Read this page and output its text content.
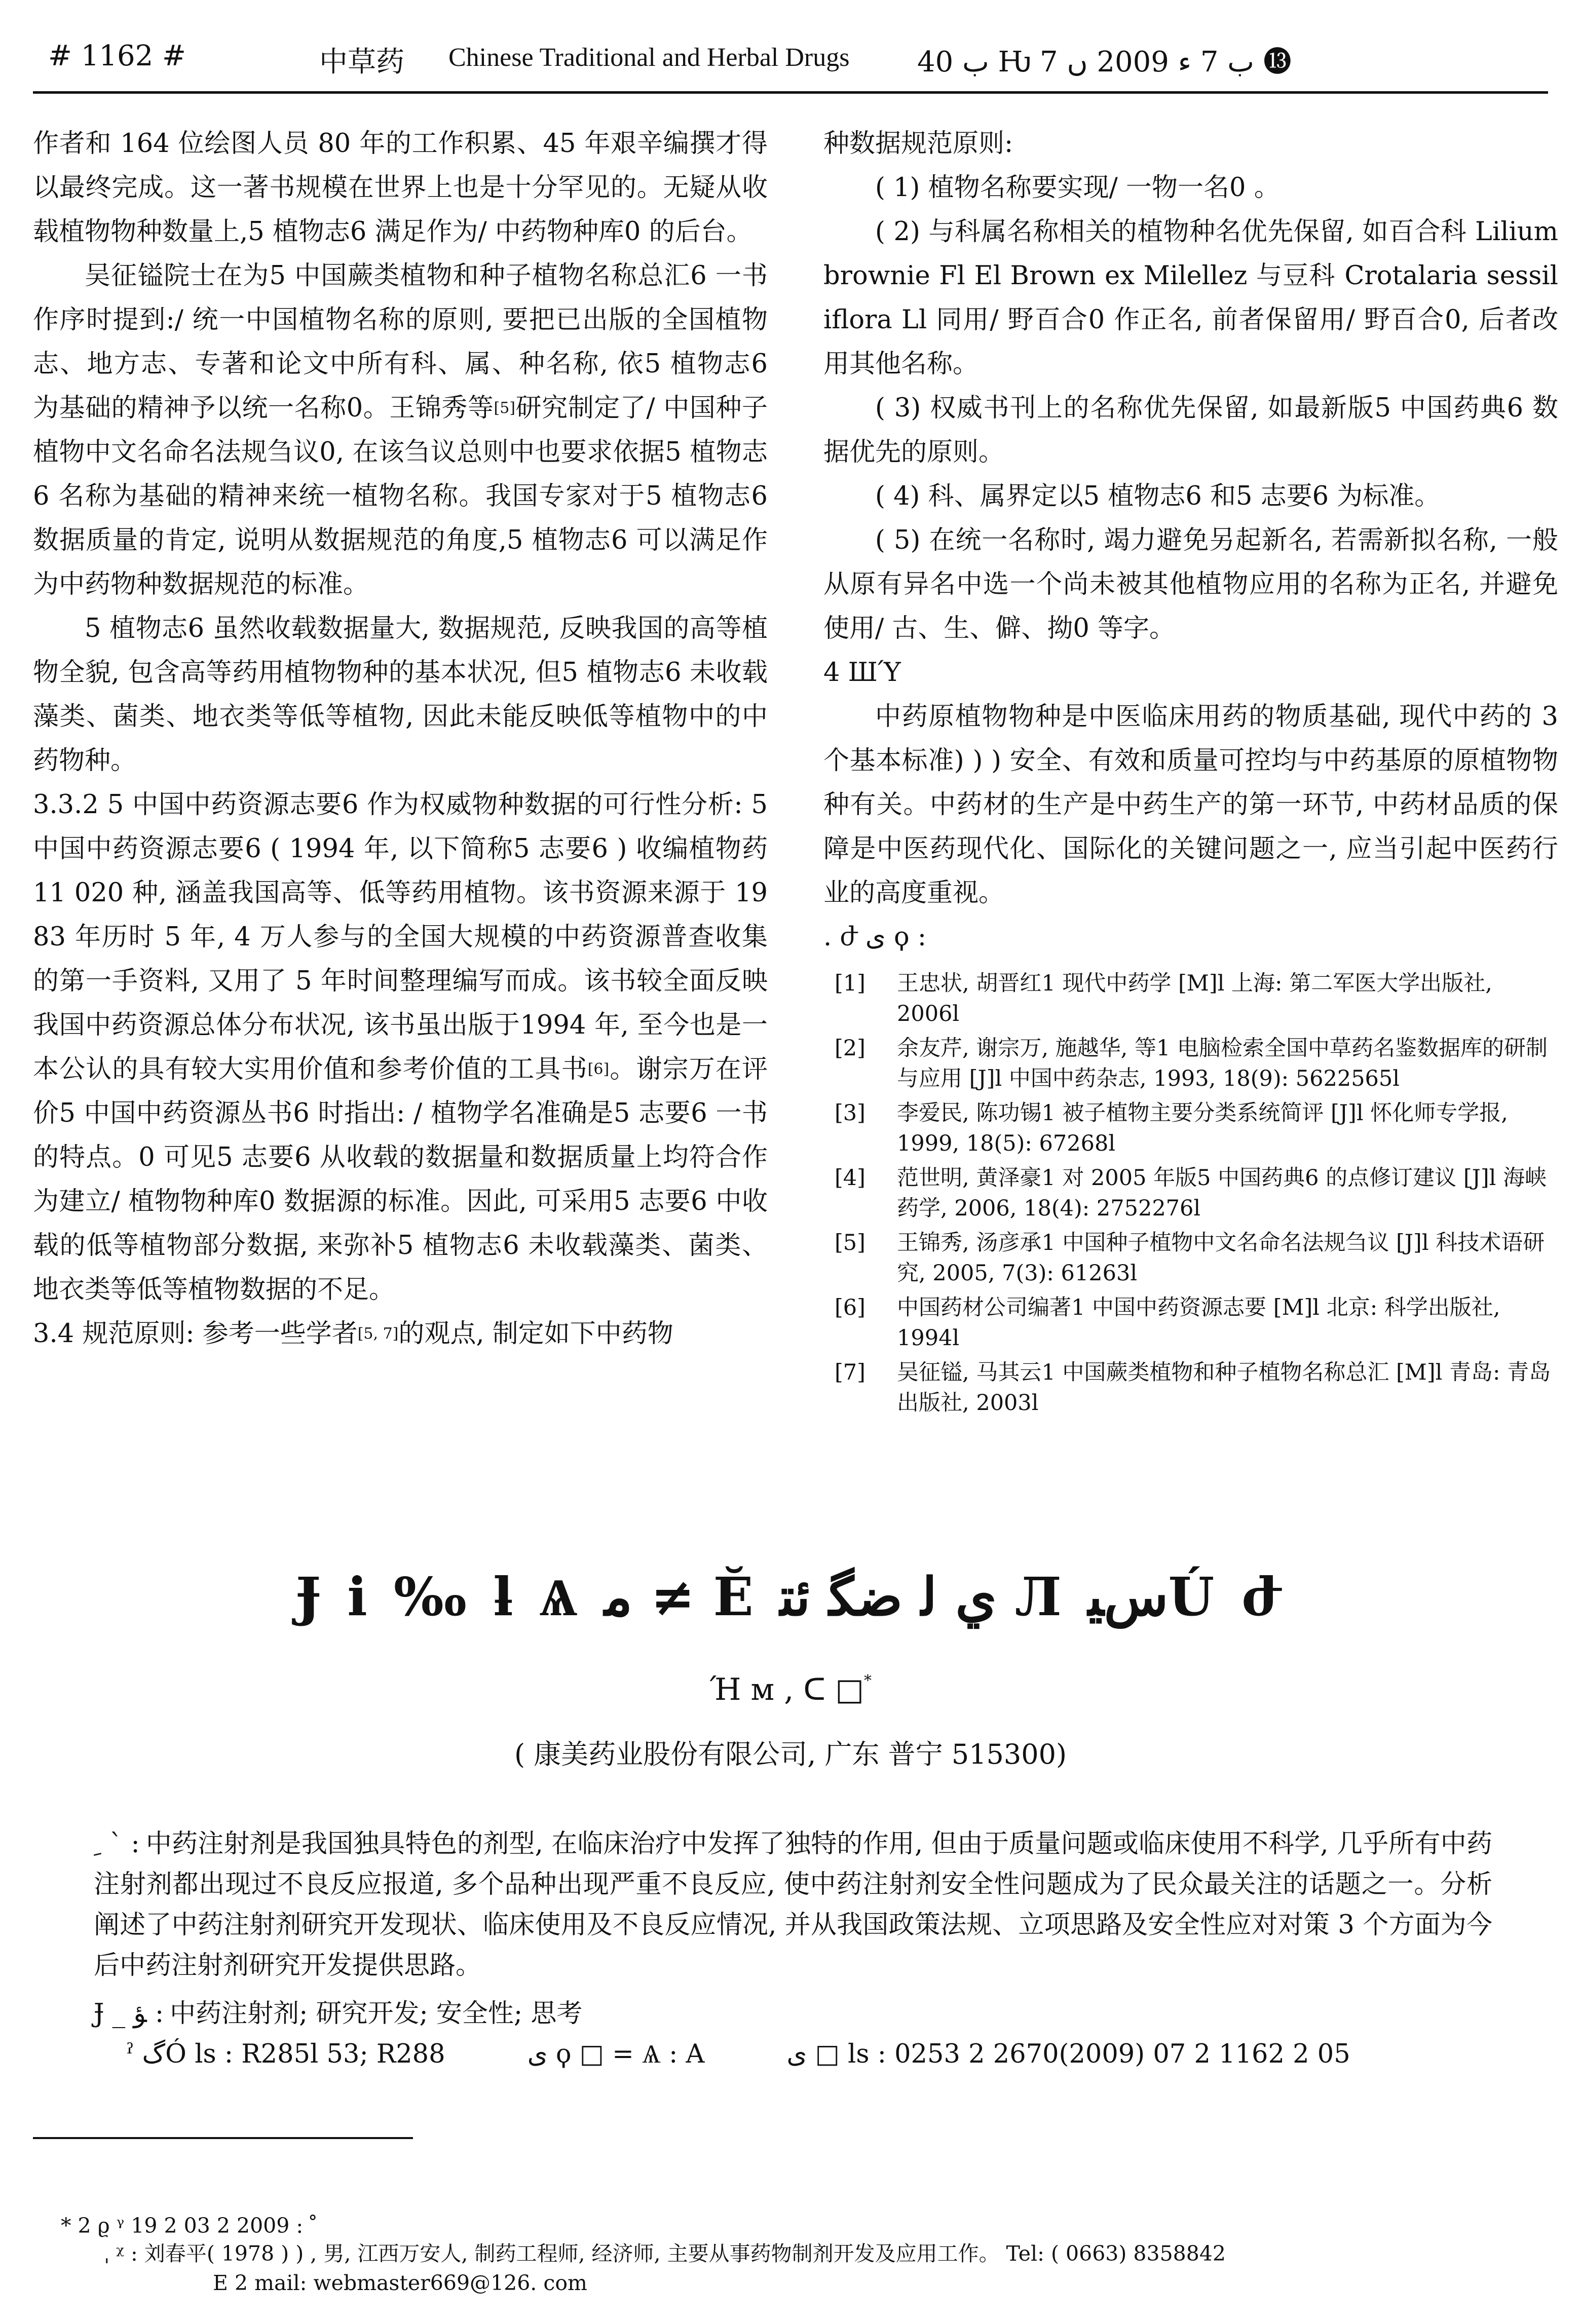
# 1162 #	中草药 Chinese Traditional and Herbal Drugs ب 40 Ƕ ب 7 ﺀ 2009 ں 7 ⓭

作者和 164 位绘图人员 80 年的工作积累、45 年艰辛编撰才得以最终完成。这一著书规模在世界上也是十分罕见的。无疑从收载植物物种数量上,5 植物志6 满足作为/ 中药物种库0 的后台。

吴征镒院士在为5 中国蕨类植物和种子植物名称总汇6 一书作序时提到:/ 统一中国植物名称的原则, 要把已出版的全国植物志、地方志、专著和论文中所有科、属、种名称, 依5 植物志6 为基础的精神予以统一名称0。王锦秀等[5]研究制定了/ 中国种子植物中文名命名法规刍议0, 在该刍议总则中也要求依据5 植物志6 名称为基础的精神来统一植物名称。我国专家对于5 植物志6 数据质量的肯定, 说明从数据规范的角度,5 植物志6 可以满足作为中药物种数据规范的标准。

5 植物志6 虽然收载数据量大, 数据规范, 反映我国的高等植物全貌, 包含高等药用植物物种的基本状况, 但5 植物志6 未收载藻类、菌类、地衣类等低等植物, 因此未能反映低等植物中的中药物种。

3.3.2 5 中国中药资源志要6 作为权威物种数据的可行性分析: 5 中国中药资源志要6 ( 1994 年, 以下简称5 志要6 ) 收编植物药 11 020 种, 涵盖我国高等、低等药用植物。该书资源来源于 1983 年历时 5 年, 4 万人参与的全国大规模的中药资源普查收集的第一手资料, 又用了 5 年时间整理编写而成。该书较全面反映我国中药资源总体分布状况, 该书虽出版于1994 年, 至今也是一本公认的具有较大实用价值和参考价值的工具书[6]。谢宗万在评价5 中国中药资源丛书6 时指出: / 植物学名准确是5 志要6 一书的特点。0 可见5 志要6 从收载的数据量和数据质量上均符合作为建立/ 植物物种库0 数据源的标准。因此, 可采用5 志要6 中收载的低等植物部分数据, 来弥补5 植物志6 未收载藻类、菌类、地衣类等低等植物数据的不足。

3.4 规范原则: 参考一些学者[5, 7]的观点, 制定如下中药物

种数据规范原则:

( 1) 植物名称要实现/ 一物一名0 。

( 2) 与科属名称相关的植物种名优先保留, 如百合科 Lilium brownie Fl El Brown ex Milellez 与豆科 Crotalaria sessiliflora Ll 同用/ 野百合0 作正名, 前者保留用/ 野百合0, 后者改用其他名称。

( 3) 权威书刊上的名称优先保留, 如最新版5 中国药典6 数据优先的原则。

( 4) 科、属界定以5 植物志6 和5 志要6 为标准。

( 5) 在统一名称时, 竭力避免另起新名, 若需新拟名称, 一般从原有异名中选一个尚未被其他植物应用的名称为正名, 并避免使用/ 古、生、僻、拗0 等字。

4 ШΎ

中药原植物物种是中医临床用药的物质基础, 现代中药的 3 个基本标准) ) ) 安全、有效和质量可控均与中药基原的原植物物种有关。中药材的生产是中药生产的第一环节, 中药材品质的保障是中医药现代化、国际化的关键问题之一, 应当引起中医药行业的高度重视。

. ժ ى ϙ :

[1] 王忠状, 胡晋红1 现代中药学 [M]l 上海: 第二军医大学出版社, 2006l
[2] 余友芹, 谢宗万, 施越华, 等1 电脑检索全国中草药名鉴数据库的研制与应用 [J]l 中国中药杂志, 1993, 18(9): 5622565l
[3] 李爱民, 陈功锡1 被子植物主要分类系统简评 [J]l 怀化师专学报, 1999, 18(5): 67268l
[4] 范世明, 黄泽豪1 对 2005 年版5 中国药典6 的点修订建议 [J]l 海峡药学, 2006, 18(4): 2752276l
[5] 王锦秀, 汤彦承1 中国种子植物中文名命名法规刍议 [J]l 科技术语研究, 2005, 7(3): 61263l
[6] 中国药材公司编著1 中国中药资源志要 [M]l 北京: 科学出版社, 1994l
[7] 吴征镒, 马其云1 中国蕨类植物和种子植物名称总汇 [M]l 青岛: 青岛出版社, 2003l
Ɉ ⅰ ‰ ƚ Ѧ ﻣ ≠ Ӗ ي ﻟ ﺿﮕ ﺋﺘ Л ﺱﯿÚ ժ
Ή ᴍ , ᑕ □*
( 康美药业股份有限公司, 广东 普宁 515300)
ﹺ ˋ : 中药注射剂是我国独具特色的剂型, 在临床治疗中发挥了独特的作用, 但由于质量问题或临床使用不科学, 几乎所有中药注射剂都出现过不良反应报道, 多个品种出现严重不良反应, 使中药注射剂安全性问题成为了民众最关注的话题之一。分析阐述了中药注射剂研究开发现状、临床使用及不良反应情况, 并从我国政策法规、立项思路及安全性应对对策 3 个方面为今后中药注射剂研究开发提供思路。
Ɉ _ ﺆ : 中药注射剂; 研究开发; 安全性; 思考
ˀ گÓ ls : R285l 53; R288          ى ϙ □ = Ѧ : A          ى □ ls : 0253 2 2670(2009) 07 2 1162 2 05
* 2 ϱ ᵞ ﹾ : 2009 2 03 2 19
ˌ ᵡ : 刘春平( 1978 ) ) , 男, 江西万安人, 制药工程师, 经济师, 主要从事药物制剂开发及应用工作。 Tel: ( 0663) 8358842
E 2 mail: webmaster669@126. com
